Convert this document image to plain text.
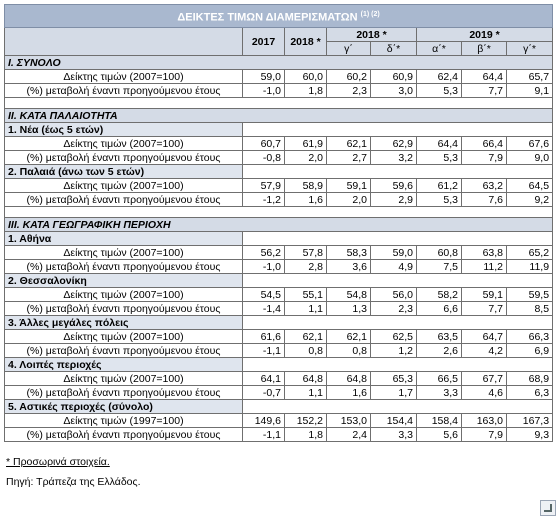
ΔΕΙΚΤΕΣ ΤΙΜΩΝ ΔΙΑΜΕΡΙΣΜΑΤΩΝ $^{(1) (2)}$
	2017	2018 *	2018 *		2019 *		
			γ΄	δ΄*	α΄*	β΄*	γ΄*
I. ΣΥΝΟΛΟ							
Δείκτης τιμών (2007=100)	59,0	60,0	60,2	60,9	62,4	64,4	65,7
(%) μεταβολή έναντι προηγούμενου έτους	-1,0	1,8	2,3	3,0	5,3	7,7	9,1

II. ΚΑΤΑ ΠΑΛΑΙΟΤΗΤΑ							
1. Νέα (έως 5 ετών)							
Δείκτης τιμών (2007=100)	60,7	61,9	62,1	62,9	64,4	66,4	67,6
(%) μεταβολή έναντι προηγούμενου έτους	-0,8	2,0	2,7	3,2	5,3	7,9	9,0
2. Παλαιά (άνω των 5 ετών)							
Δείκτης τιμών (2007=100)	57,9	58,9	59,1	59,6	61,2	63,2	64,5
(%) μεταβολή έναντι προηγούμενου έτους	-1,2	1,6	2,0	2,9	5,3	7,6	9,2

III. ΚΑΤΑ ΓΕΩΓΡΑΦΙΚΗ ΠΕΡΙΟΧΗ							
1. Αθήνα							
Δείκτης τιμών (2007=100)	56,2	57,8	58,3	59,0	60,8	63,8	65,2
(%) μεταβολή έναντι προηγούμενου έτους	-1,0	2,8	3,6	4,9	7,5	11,2	11,9
2. Θεσσαλονίκη							
Δείκτης τιμών (2007=100)	54,5	55,1	54,8	56,0	58,2	59,1	59,5
(%) μεταβολή έναντι προηγούμενου έτους	-1,4	1,1	1,3	2,3	6,6	7,7	8,5
3. Άλλες μεγάλες πόλεις							
Δείκτης τιμών (2007=100)	61,6	62,1	62,1	62,5	63,5	64,7	66,3
(%) μεταβολή έναντι προηγούμενου έτους	-1,1	0,8	0,8	1,2	2,6	4,2	6,9
4. Λοιπές περιοχές							
Δείκτης τιμών (2007=100)	64,1	64,8	64,8	65,3	66,5	67,7	68,9
(%) μεταβολή έναντι προηγούμενου έτους	-0,7	1,1	1,6	1,7	3,3	4,6	6,3
5. Αστικές περιοχές (σύνολο)							
Δείκτης τιμών (1997=100)	149,6	152,2	153,0	154,4	158,4	163,0	167,3
(%) μεταβολή έναντι προηγούμενου έτους	-1,1	1,8	2,4	3,3	5,6	7,9	9,3
* Προσωρινά στοιχεία.
Πηγή: Τράπεζα της Ελλάδος.
